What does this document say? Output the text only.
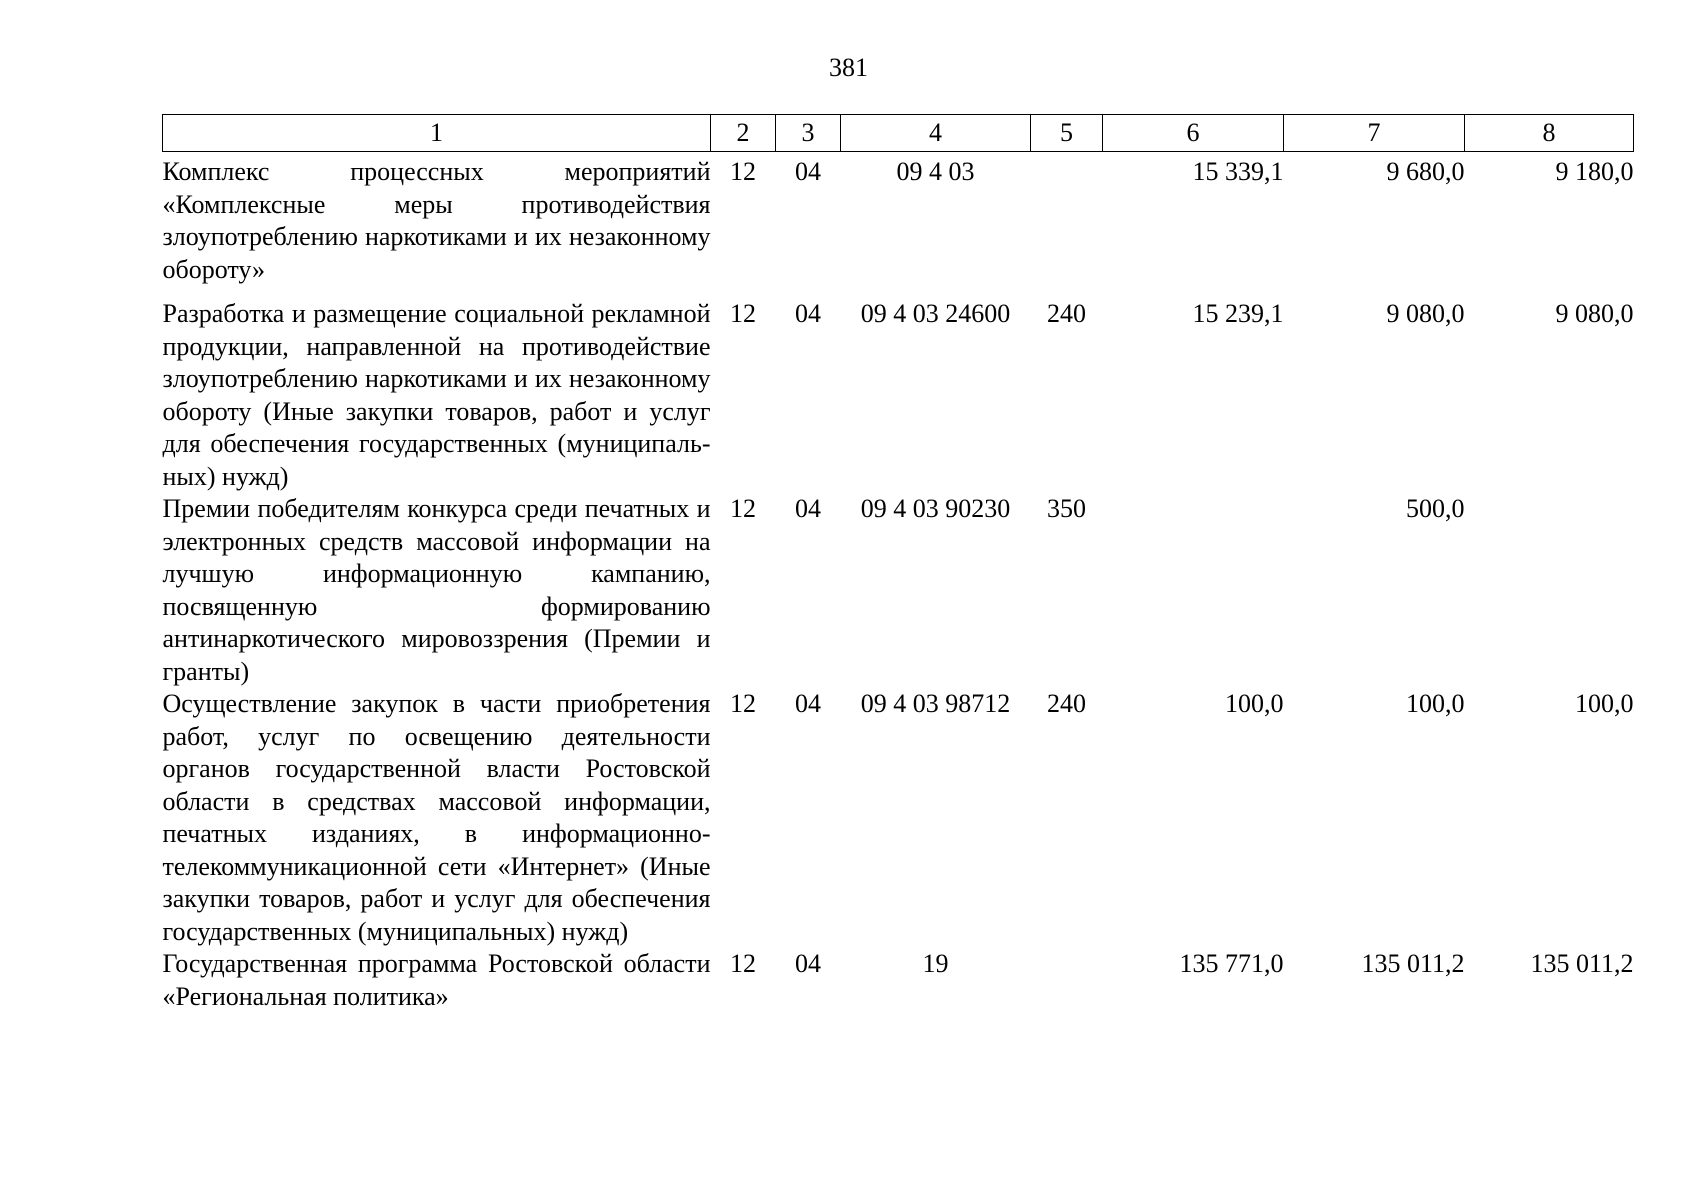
381
1	2	3	4	5	6	7	8
Комплекс процессных мероприятий «Комплексные меры противодействия злоупотреблению наркотиками и их незаконному обороту»	12	04	09 4 03		15 339,1	9 680,0	9 180,0
Разработка и размещение социальной рекламной продукции, направленной на противодействие злоупотреблению наркотиками и их незаконному обороту (Иные закупки товаров, работ и услуг для обеспечения государственных (муниципальных) нужд)	12	04	09 4 03 24600	240	15 239,1	9 080,0	9 080,0
Премии победителям конкурса среди печатных и электронных средств массовой информации на лучшую информационную кампанию, посвященную формированию антинаркотического мировоззрения (Премии и гранты)	12	04	09 4 03 90230	350		500,0	
Осуществление закупок в части приобретения работ, услуг по освещению деятельности органов государственной власти Ростовской области в средствах массовой информации, печатных изданиях, в информационно-телекоммуникационной сети «Интернет» (Иные закупки товаров, работ и услуг для обеспечения государственных (муниципальных) нужд)	12	04	09 4 03 98712	240	100,0	100,0	100,0
Государственная программа Ростовской области «Региональная политика»	12	04	19		135 771,0	135 011,2	135 011,2
